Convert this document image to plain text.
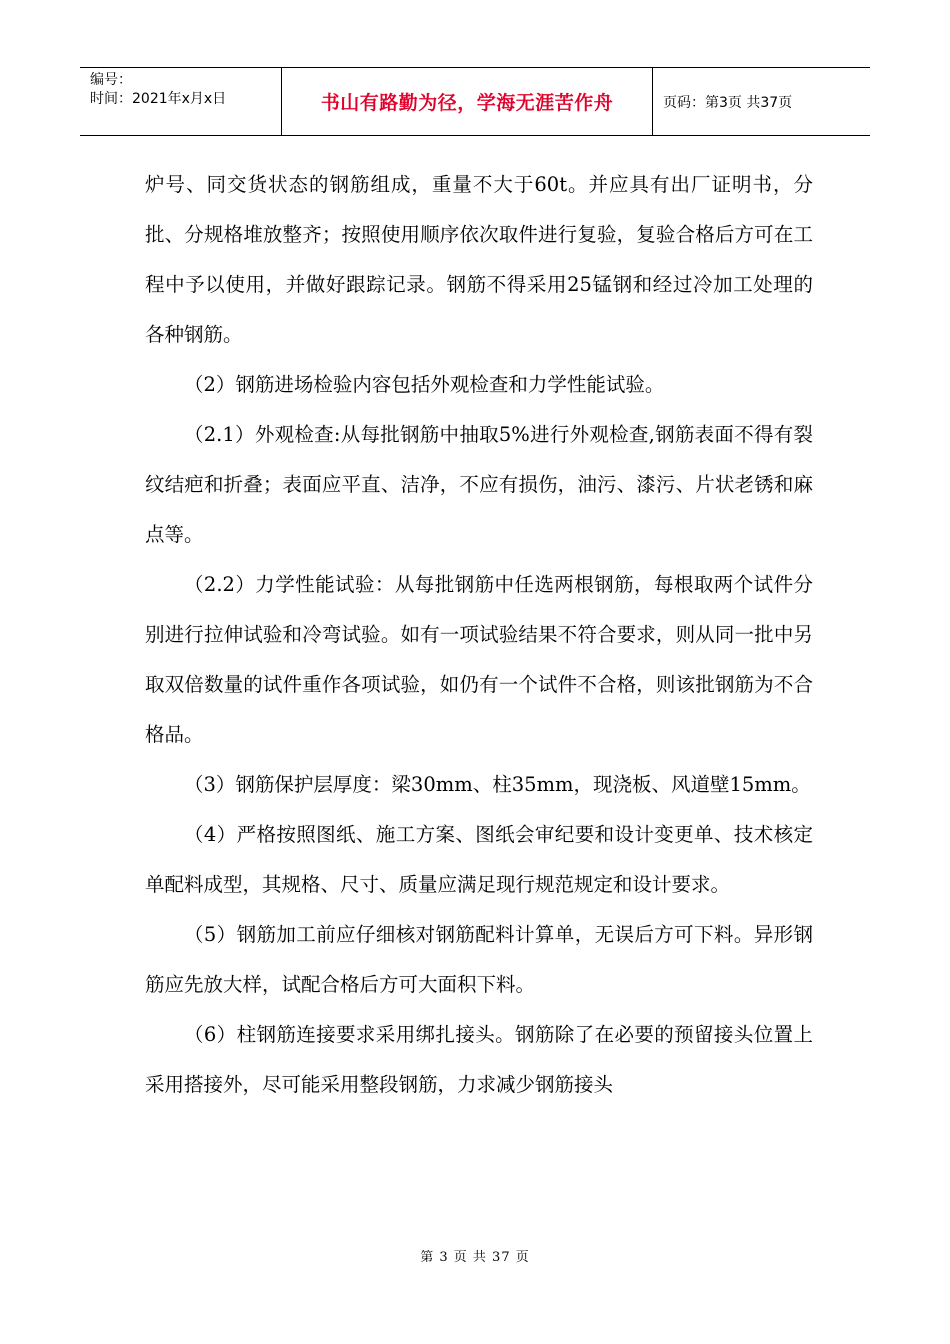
编号：
时间：2021年x月x日	书山有路勤为径，学海无涯苦作舟	页码：第3页 共37页

炉号、同交货状态的钢筋组成，重量不大于60t。并应具有出厂证明书，分批、分规格堆放整齐；按照使用顺序依次取件进行复验，复验合格后方可在工程中予以使用，并做好跟踪记录。钢筋不得采用25锰钢和经过冷加工处理的各种钢筋。

（2）钢筋进场检验内容包括外观检查和力学性能试验。

（2.1）外观检查:从每批钢筋中抽取5%进行外观检查,钢筋表面不得有裂纹结疤和折叠；表面应平直、洁净，不应有损伤，油污、漆污、片状老锈和麻点等。

（2.2）力学性能试验：从每批钢筋中任选两根钢筋，每根取两个试件分别进行拉伸试验和冷弯试验。如有一项试验结果不符合要求，则从同一批中另取双倍数量的试件重作各项试验，如仍有一个试件不合格，则该批钢筋为不合格品。

（3）钢筋保护层厚度：梁30mm、柱35mm，现浇板、风道壁15mm。

（4）严格按照图纸、施工方案、图纸会审纪要和设计变更单、技术核定单配料成型，其规格、尺寸、质量应满足现行规范规定和设计要求。

（5）钢筋加工前应仔细核对钢筋配料计算单，无误后方可下料。异形钢筋应先放大样，试配合格后方可大面积下料。

（6）柱钢筋连接要求采用绑扎接头。钢筋除了在必要的预留接头位置上采用搭接外，尽可能采用整段钢筋，力求减少钢筋接头

第 3 页 共 37 页
